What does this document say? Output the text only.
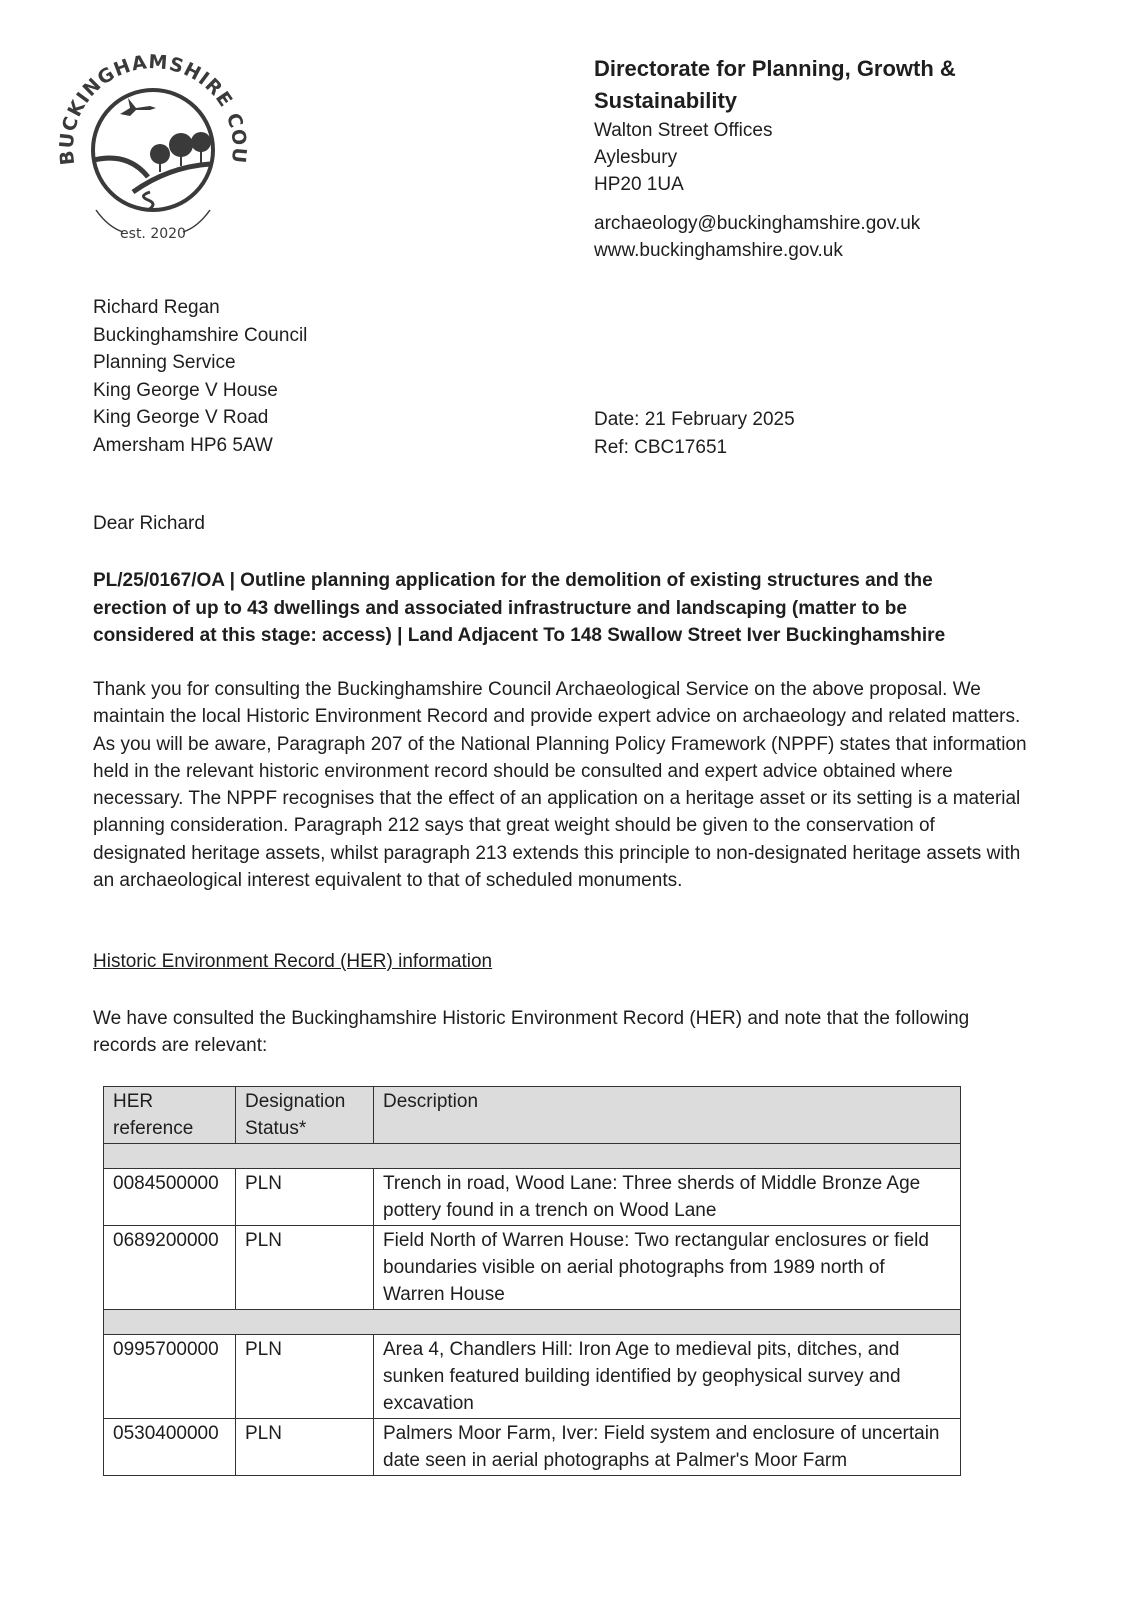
BUCKINGHAMSHIRE COU
est. 2020
Directorate for Planning, Growth &
Sustainability
Walton Street Offices
Aylesbury
HP20 1UA
archaeology@buckinghamshire.gov.uk
www.buckinghamshire.gov.uk
Richard Regan
Buckinghamshire Council
Planning Service
King George V House
King George V Road
Amersham HP6 5AW
Date: 21 February 2025
Ref: CBC17651
Dear Richard
PL/25/0167/OA | Outline planning application for the demolition of existing structures and the erection of up to 43 dwellings and associated infrastructure and landscaping (matter to be considered at this stage: access) | Land Adjacent To 148 Swallow Street Iver Buckinghamshire
Thank you for consulting the Buckinghamshire Council Archaeological Service on the above proposal. We maintain the local Historic Environment Record and provide expert advice on archaeology and related matters. As you will be aware, Paragraph 207 of the National Planning Policy Framework (NPPF) states that information held in the relevant historic environment record should be consulted and expert advice obtained where necessary. The NPPF recognises that the effect of an application on a heritage asset or its setting is a material planning consideration. Paragraph 212 says that great weight should be given to the conservation of designated heritage assets, whilst paragraph 213 extends this principle to non-designated heritage assets with an archaeological interest equivalent to that of scheduled monuments.
Historic Environment Record (HER) information
We have consulted the Buckinghamshire Historic Environment Record (HER) and note that the following records are relevant:
HER reference	Designation Status*	Description

0084500000	PLN	Trench in road, Wood Lane: Three sherds of Middle Bronze Age pottery found in a trench on Wood Lane
0689200000	PLN	Field North of Warren House: Two rectangular enclosures or field boundaries visible on aerial photographs from 1989 north of Warren House

0995700000	PLN	Area 4, Chandlers Hill: Iron Age to medieval pits, ditches, and sunken featured building identified by geophysical survey and excavation
0530400000	PLN	Palmers Moor Farm, Iver: Field system and enclosure of uncertain date seen in aerial photographs at Palmer's Moor Farm
